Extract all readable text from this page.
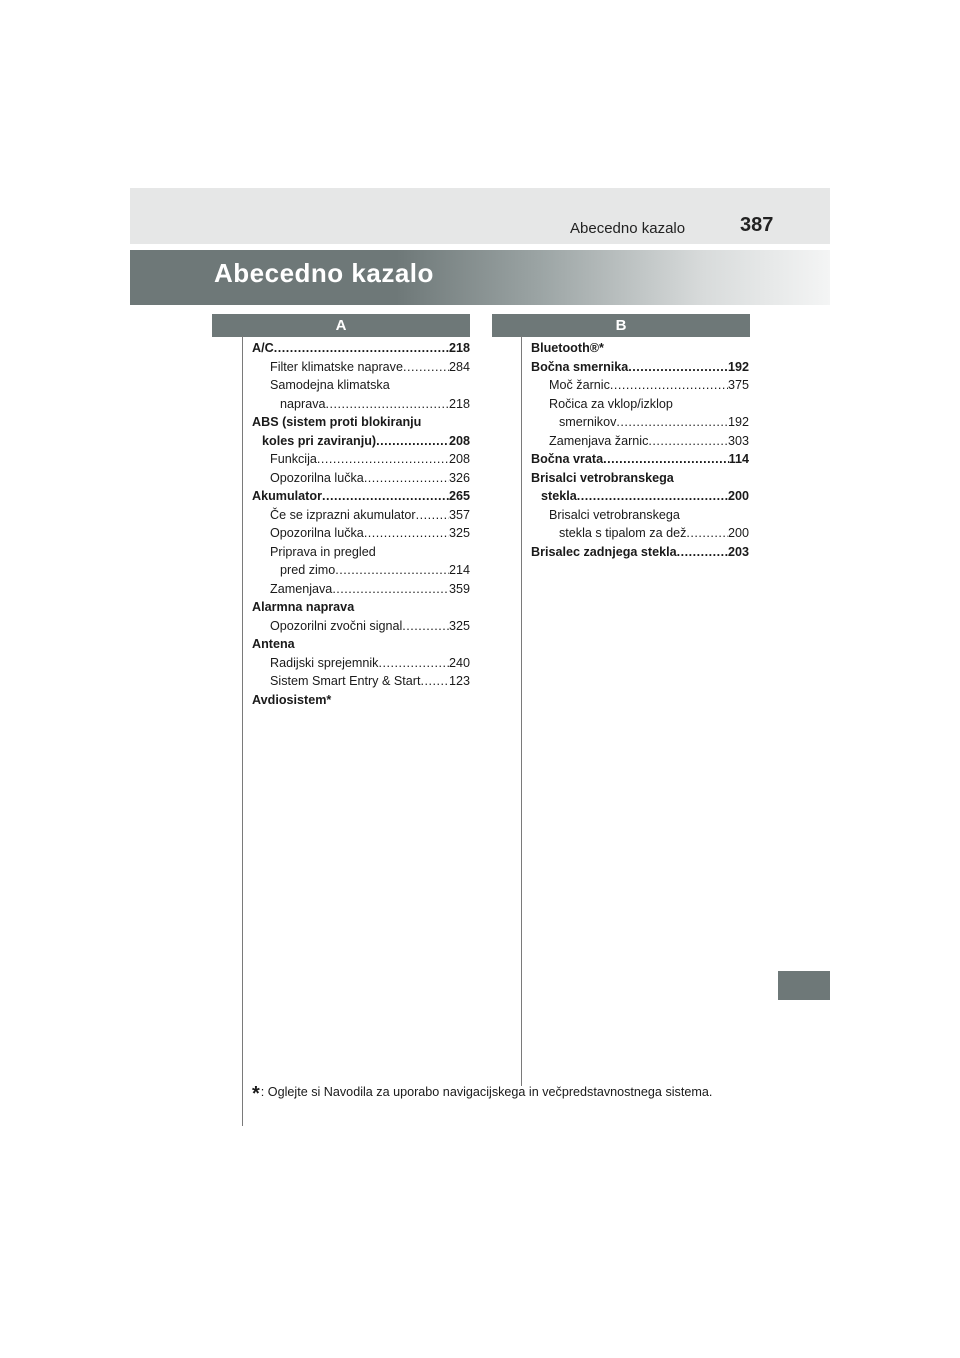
Abecedno kazalo	387
Abecedno kazalo
A	B
A/C .....	218
Filter klimatske naprave .....	284
Samodejna klimatska
naprava .....	218
ABS (sistem proti blokiranju
koles pri zaviranju) .....	208
Funkcija .....	208
Opozorilna lučka .....	326
Akumulator .....	265
Če se izprazni akumulator .....	357
Opozorilna lučka .....	325
Priprava in pregled
pred zimo .....	214
Zamenjava .....	359
Alarmna naprava
Opozorilni zvočni signal .....	325
Antena
Radijski sprejemnik .....	240
Sistem Smart Entry & Start ..... 123
Avdiosistem*
Bluetooth®*
Bočna smernika .....	192
Moč žarnic .....	375
Ročica za vklop/izklop
smernikov .....	192
Zamenjava žarnic .....	303
Bočna vrata .....	114
Brisalci vetrobranskega
stekla .....	200
Brisalci vetrobranskega
stekla s tipalom za dež .....	200
Brisalec zadnjega stekla .....	203
*: Oglejte si Navodila za uporabo navigacijskega in večpredstavnostnega sistema.
